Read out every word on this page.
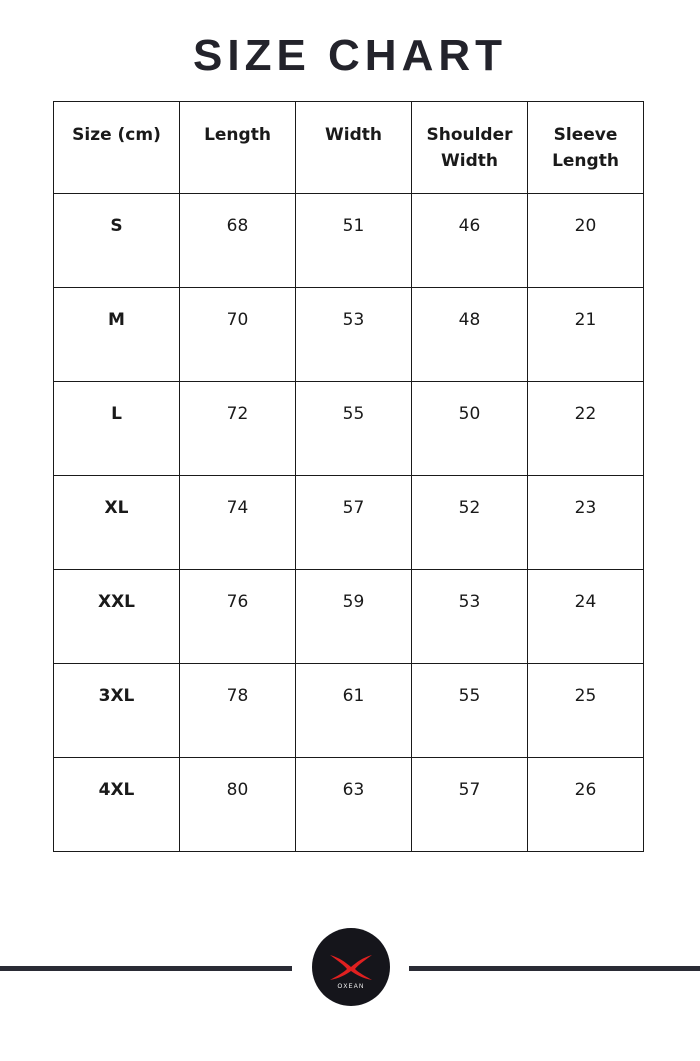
SIZE CHART
Size (cm)	Length	Width	Shoulder Width	Sleeve Length

S	68	51	46	20
M	70	53	48	21
L	72	55	50	22
XL	74	57	52	23
XXL	76	59	53	24
3XL	78	61	55	25
4XL	80	63	57	26
OXEAN
